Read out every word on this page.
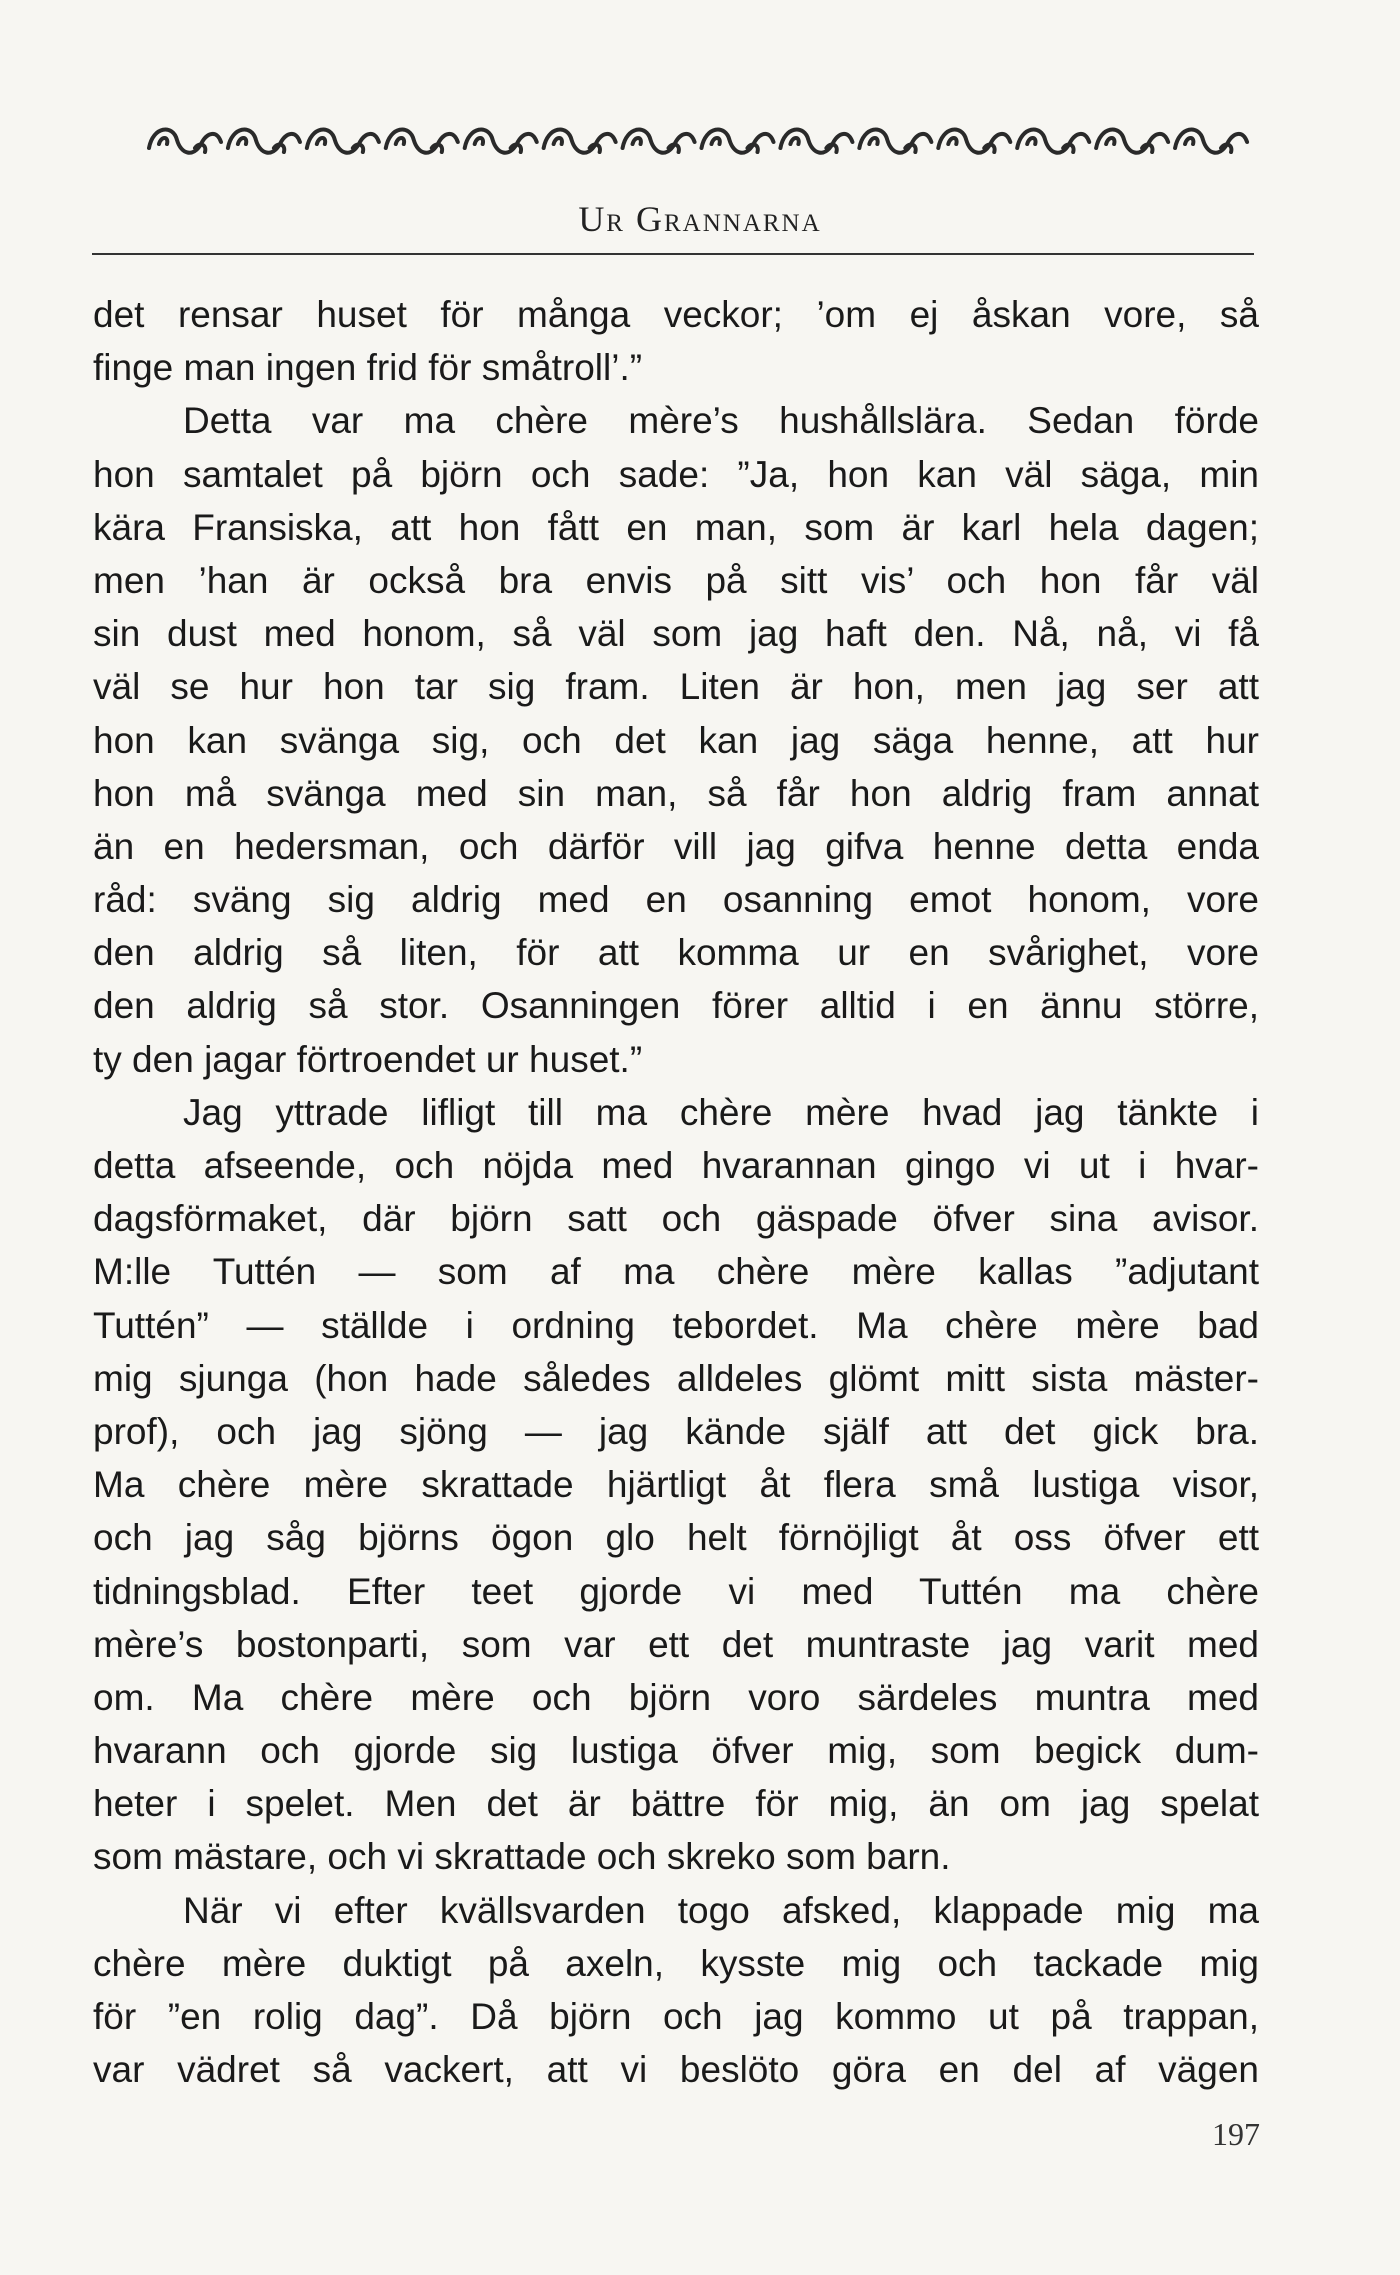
Ur Grannarna
det rensar huset för många veckor; ’om ej åskan vore, så
finge man ingen frid för småtroll’.”
Detta var ma chère mère’s hushållslära. Sedan förde
hon samtalet på björn och sade: ”Ja, hon kan väl säga, min
kära Fransiska, att hon fått en man, som är karl hela dagen;
men ’han är också bra envis på sitt vis’ och hon får väl
sin dust med honom, så väl som jag haft den. Nå, nå, vi få
väl se hur hon tar sig fram. Liten är hon, men jag ser att
hon kan svänga sig, och det kan jag säga henne, att hur
hon må svänga med sin man, så får hon aldrig fram annat
än en hedersman, och därför vill jag gifva henne detta enda
råd: sväng sig aldrig med en osanning emot honom, vore
den aldrig så liten, för att komma ur en svårighet, vore
den aldrig så stor. Osanningen förer alltid i en ännu större,
ty den jagar förtroendet ur huset.”
Jag yttrade lifligt till ma chère mère hvad jag tänkte i
detta afseende, och nöjda med hvarannan gingo vi ut i hvar-
dagsförmaket, där björn satt och gäspade öfver sina avisor.
M:lle Tuttén — som af ma chère mère kallas ”adjutant
Tuttén” — ställde i ordning tebordet. Ma chère mère bad
mig sjunga (hon hade således alldeles glömt mitt sista mäster-
prof), och jag sjöng — jag kände själf att det gick bra.
Ma chère mère skrattade hjärtligt åt flera små lustiga visor,
och jag såg björns ögon glo helt förnöjligt åt oss öfver ett
tidningsblad. Efter teet gjorde vi med Tuttén ma chère
mère’s bostonparti, som var ett det muntraste jag varit med
om. Ma chère mère och björn voro särdeles muntra med
hvarann och gjorde sig lustiga öfver mig, som begick dum-
heter i spelet. Men det är bättre för mig, än om jag spelat
som mästare, och vi skrattade och skreko som barn.
När vi efter kvällsvarden togo afsked, klappade mig ma
chère mère duktigt på axeln, kysste mig och tackade mig
för ”en rolig dag”. Då björn och jag kommo ut på trappan,
var vädret så vackert, att vi beslöto göra en del af vägen
197
